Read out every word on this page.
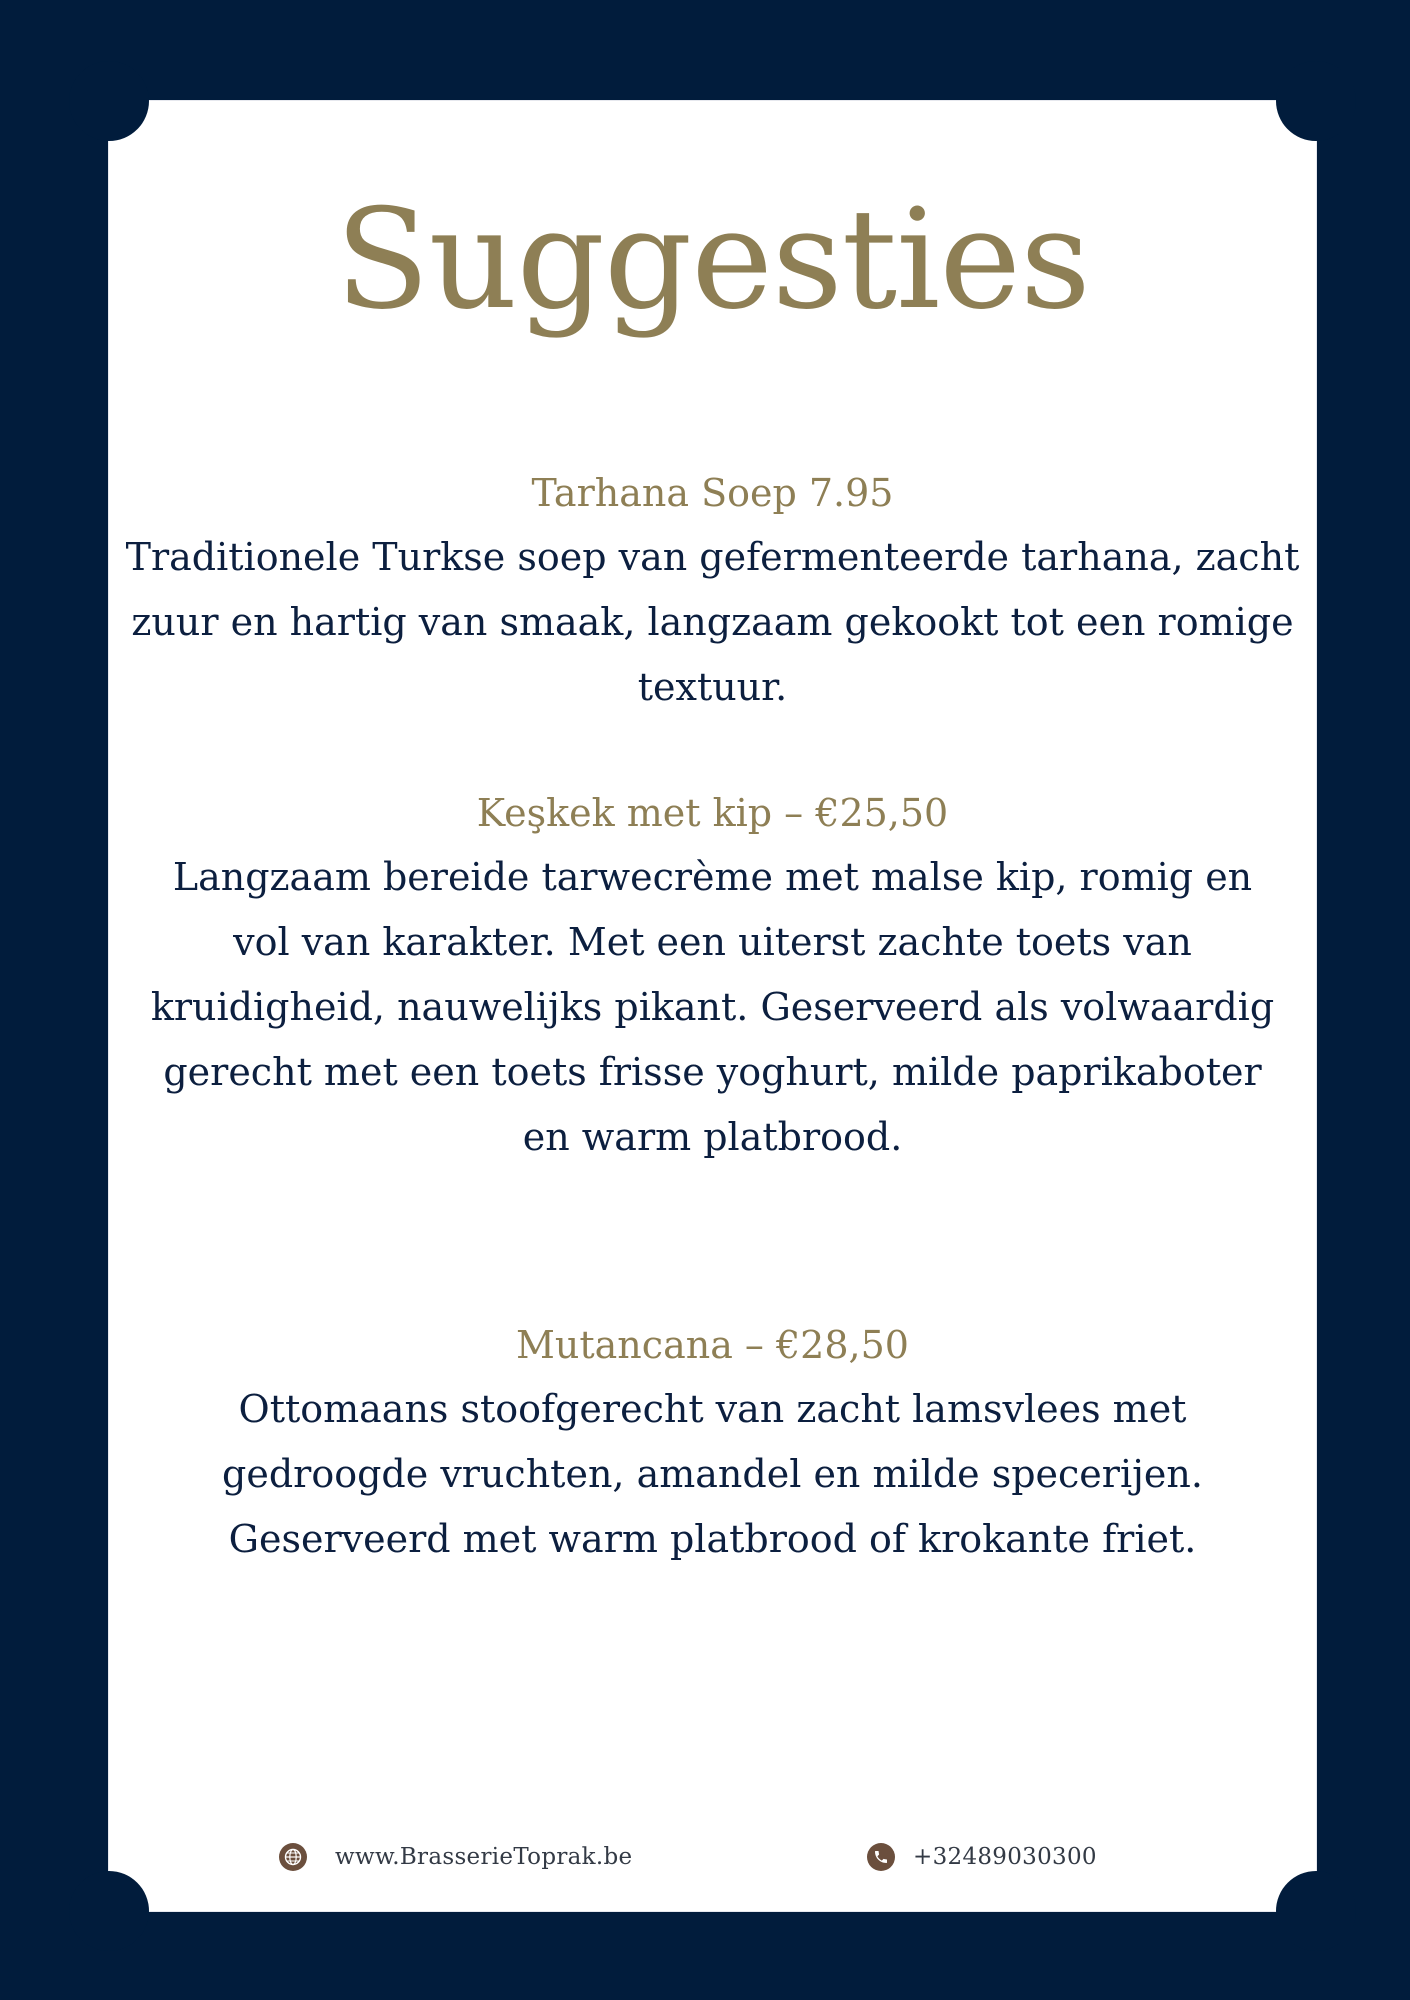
Suggesties
Tarhana Soep 7.95
Traditionele Turkse soep van gefermenteerde tarhana, zacht zuur en hartig van smaak, langzaam gekookt tot een romige textuur.
Keşkek met kip – €25,50
Langzaam bereide tarwecrème met malse kip, romig en vol van karakter. Met een uiterst zachte toets van kruidigheid, nauwelijks pikant. Geserveerd als volwaardig gerecht met een toets frisse yoghurt, milde paprikaboter en warm platbrood.
Mutancana – €28,50
Ottomaans stoofgerecht van zacht lamsvlees met gedroogde vruchten, amandel en milde specerijen. Geserveerd met warm platbrood of krokante friet.
www.BrasserieToprak.be	+32489030300
